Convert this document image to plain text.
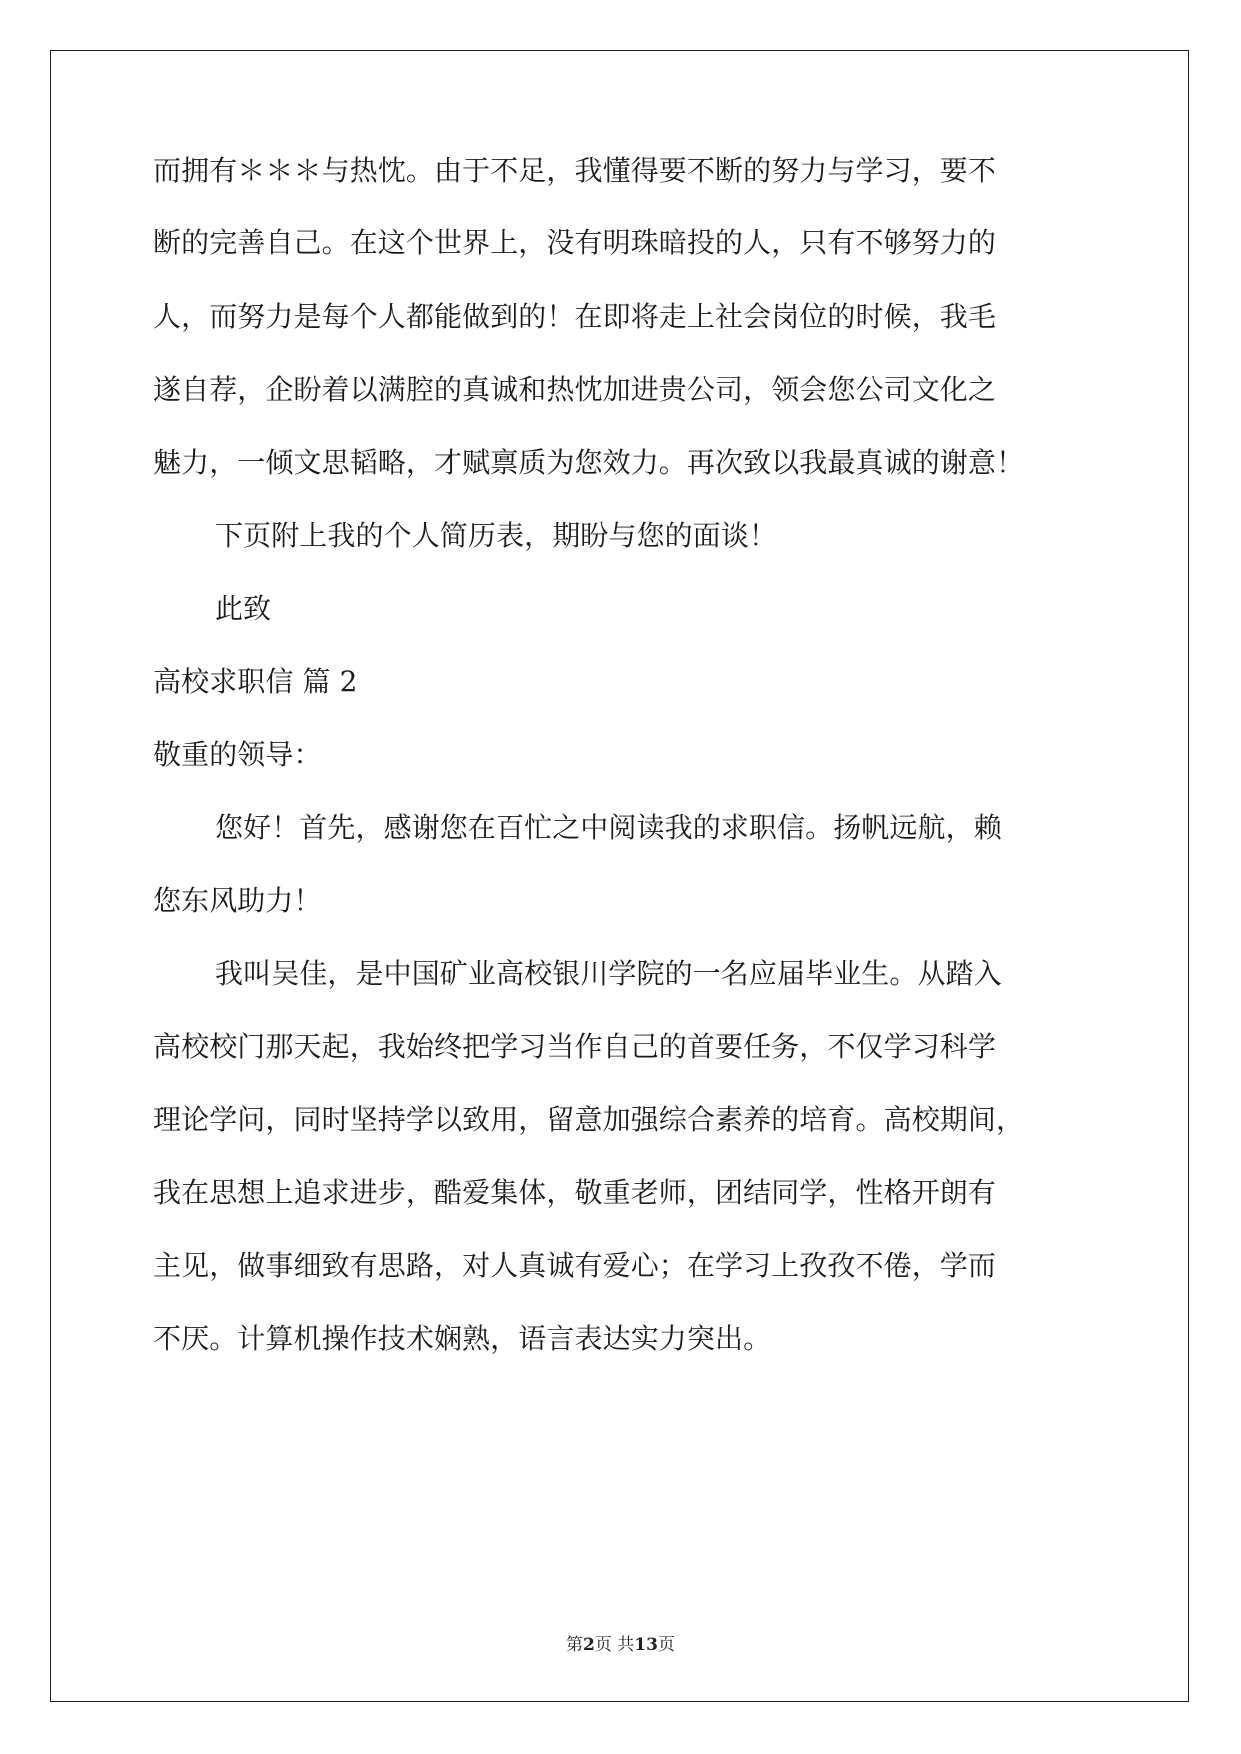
而拥有＊＊＊与热忱。由于不足，我懂得要不断的努力与学习，要不
断的完善自己。在这个世界上，没有明珠暗投的人，只有不够努力的
人，而努力是每个人都能做到的！在即将走上社会岗位的时候，我毛
遂自荐，企盼着以满腔的真诚和热忱加进贵公司，领会您公司文化之
魅力，一倾文思韬略，才赋禀质为您效力。再次致以我最真诚的谢意！
下页附上我的个人简历表，期盼与您的面谈！
此致
高校求职信 篇 2
敬重的领导：
您好！首先，感谢您在百忙之中阅读我的求职信。扬帆远航，赖
您东风助力！
我叫吴佳，是中国矿业高校银川学院的一名应届毕业生。从踏入
高校校门那天起，我始终把学习当作自己的首要任务，不仅学习科学
理论学问，同时坚持学以致用，留意加强综合素养的培育。高校期间，
我在思想上追求进步，酷爱集体，敬重老师，团结同学，性格开朗有
主见，做事细致有思路，对人真诚有爱心；在学习上孜孜不倦，学而
不厌。计算机操作技术娴熟，语言表达实力突出。
第2页 共13页
